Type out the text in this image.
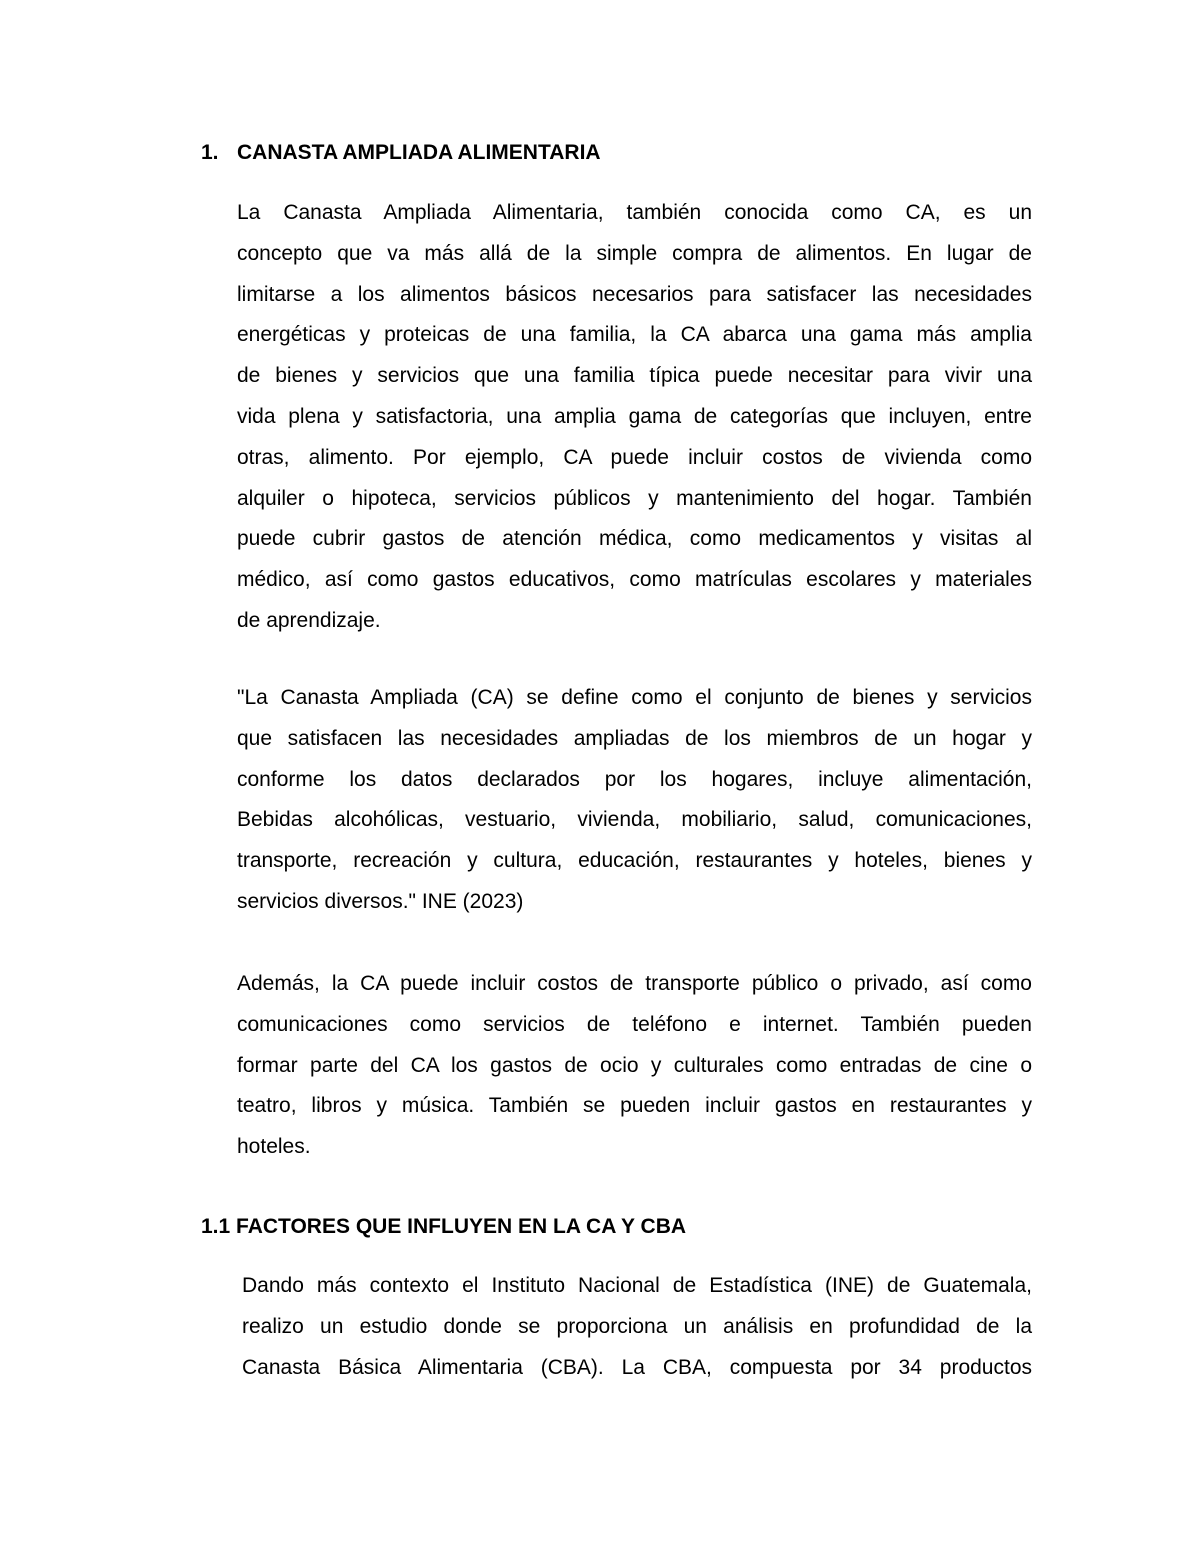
1. CANASTA AMPLIADA ALIMENTARIA
La Canasta Ampliada Alimentaria, también conocida como CA, es un
concepto que va más allá de la simple compra de alimentos. En lugar de
limitarse a los alimentos básicos necesarios para satisfacer las necesidades
energéticas y proteicas de una familia, la CA abarca una gama más amplia
de bienes y servicios que una familia típica puede necesitar para vivir una
vida plena y satisfactoria, una amplia gama de categorías que incluyen, entre
otras, alimento. Por ejemplo, CA puede incluir costos de vivienda como
alquiler o hipoteca, servicios públicos y mantenimiento del hogar. También
puede cubrir gastos de atención médica, como medicamentos y visitas al
médico, así como gastos educativos, como matrículas escolares y materiales
de aprendizaje.
"La Canasta Ampliada (CA) se define como el conjunto de bienes y servicios
que satisfacen las necesidades ampliadas de los miembros de un hogar y
conforme los datos declarados por los hogares, incluye alimentación,
Bebidas alcohólicas, vestuario, vivienda, mobiliario, salud, comunicaciones,
transporte, recreación y cultura, educación, restaurantes y hoteles, bienes y
servicios diversos." INE (2023)
Además, la CA puede incluir costos de transporte público o privado, así como
comunicaciones como servicios de teléfono e internet. También pueden
formar parte del CA los gastos de ocio y culturales como entradas de cine o
teatro, libros y música. También se pueden incluir gastos en restaurantes y
hoteles.
1.1 FACTORES QUE INFLUYEN EN LA CA Y CBA
Dando más contexto el Instituto Nacional de Estadística (INE) de Guatemala,
realizo un estudio donde se proporciona un análisis en profundidad de la
Canasta Básica Alimentaria (CBA). La CBA, compuesta por 34 productos
